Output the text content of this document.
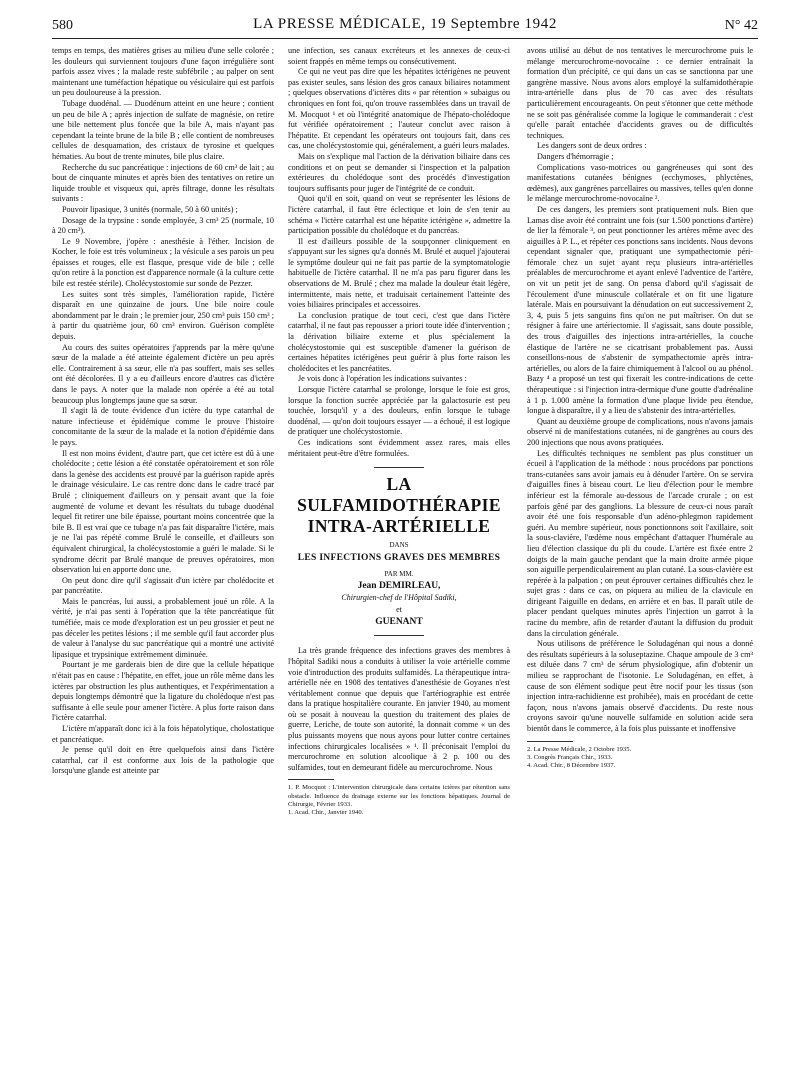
580	LA PRESSE MÉDICALE, 19 Septembre 1942	N° 42

temps en temps, des matières grises au milieu d'une selle colorée ; les douleurs qui surviennent toujours d'une façon irrégulière sont parfois assez vives ; la malade reste subfébrile ; au palper on sent maintenant une tuméfaction hépatique ou vésiculaire qui est parfois un peu douloureuse à la pression.

Tubage duodénal. — Duodénum atteint en une heure ; contient un peu de bile A ; après injection de sulfate de magnésie, on retire une bile nettement plus foncée que la bile A, mais n'ayant pas cependant la teinte brune de la bile B ; elle contient de nombreuses cellules de desquamation, des cristaux de tyrosine et quelques hématies. Au bout de trente minutes, bile plus claire.

Recherche du suc pancréatique : injections de 60 cm³ de lait ; au bout de cinquante minutes et après bien des tentatives on retire un liquide trouble et visqueux qui, après filtrage, donne les résultats suivants :

Pouvoir lipasique, 3 unités (normale, 50 à 60 unités) ;

Dosage de la trypsine : sonde employée, 3 cm³ 25 (normale, 10 à 20 cm³).

Le 9 Novembre, j'opère : anesthésie à l'éther. Incision de Kocher, le foie est très volumineux ; la vésicule a ses parois un peu épaisses et rouges, elle est flasque, presque vide de bile ; celle qu'on retire à la ponction est d'apparence normale (à la culture cette bile est restée stérile). Cholécystostomie sur sonde de Pezzer.

Les suites sont très simples, l'amélioration rapide, l'ictère disparaît en une quinzaine de jours. Une bile noire coule abondamment par le drain ; le premier jour, 250 cm³ puis 150 cm³ ; à partir du quatrième jour, 60 cm³ environ. Guérison complète depuis.

Au cours des suites opératoires j'apprends par la mère qu'une sœur de la malade a été atteinte également d'ictère un peu après elle. Contrairement à sa sœur, elle n'a pas souffert, mais ses selles ont été décolorées. Il y a eu d'ailleurs encore d'autres cas d'ictère dans le pays. A noter que la malade non opérée a été au total beaucoup plus longtemps jaune que sa sœur.

Il s'agit là de toute évidence d'un ictère du type catarrhal de nature infectieuse et épidémique comme le prouve l'histoire concomitante de la sœur de la malade et la notion d'épidémie dans le pays.

Il est non moins évident, d'autre part, que cet ictère est dû à une cholédocite ; cette lésion a été constatée opératoirement et son rôle dans la genèse des accidents est prouvé par la guérison rapide après le drainage vésiculaire. Le cas rentre donc dans le cadre tracé par Brulé ; cliniquement d'ailleurs on y pensait avant que la foie augmenté de volume et devant les résultats du tubage duodénal lequel fit retirer une bile épaisse, pourtant moins concentrée que la bile B. Il est vrai que ce tubage n'a pas fait disparaître l'ictère, mais je ne l'ai pas répété comme Brulé le conseille, et d'ailleurs son équivalent chirurgical, la cholécystostomie a guéri le malade. Si le syndrome décrit par Brulé manque de preuves opératoires, mon observation lui en apporte donc une.

On peut donc dire qu'il s'agissait d'un ictère par cholédocite et par pancréatite.

Mais le pancréas, lui aussi, a probablement joué un rôle. A la vérité, je n'ai pas senti à l'opération que la tête pancréatique fût tuméfiée, mais ce mode d'exploration est un peu grossier et peut ne pas déceler les petites lésions ; il me semble qu'il faut accorder plus de valeur à l'analyse du suc pancréatique qui a montré une activité lipasique et trypsinique extrêmement diminuée.

Pourtant je me garderais bien de dire que la cellule hépatique n'était pas en cause : l'hépatite, en effet, joue un rôle même dans les ictères par obstruction les plus authentiques, et l'expérimentation a depuis longtemps démontré que la ligature du cholédoque n'est pas suffisante à elle seule pour amener l'ictère. A plus forte raison dans l'ictère catarrhal.

L'ictère m'apparaît donc ici à la fois hépatolytique, cholostatique et pancréatique.

Je pense qu'il doit en être quelquefois ainsi dans l'ictère catarrhal, car il est conforme aux lois de la pathologie que lorsqu'une glande est atteinte par

une infection, ses canaux excréteurs et les annexes de ceux-ci soient frappés en même temps ou consécutivement.

Ce qui ne veut pas dire que les hépatites ictérigènes ne peuvent pas exister seules, sans lésion des gros canaux biliaires notamment ; quelques observations d'ictères dits « par rétention » subaigus ou chroniques en font foi, qu'on trouve rassemblées dans un travail de M. Mocquot ¹ et où l'intégrité anatomique de l'hépato-cholédoque fut vérifiée opératoirement ; l'auteur conclut avec raison à l'hépatite. Et cependant les opérateurs ont toujours fait, dans ces cas, une cholécystostomie qui, généralement, a guéri leurs malades.

Mais on s'explique mal l'action de la dérivation biliaire dans ces conditions et on peut se demander si l'inspection et la palpation extérieures du cholédoque sont des procédés d'investigation toujours suffisants pour juger de l'intégrité de ce conduit.

Quoi qu'il en soit, quand on veut se représenter les lésions de l'ictère catarrhal, il faut être éclectique et loin de s'en tenir au schéma « l'ictère catarrhal est une hépatite ictérigène », admettre la participation possible du cholédoque et du pancréas.

Il est d'ailleurs possible de la soupçonner cliniquement en s'appuyant sur les signes qu'a donnés M. Brulé et auquel j'ajouterai le symptôme douleur qui ne fait pas partie de la symptomatologie habituelle de l'ictère catarrhal. Il ne m'a pas paru figurer dans les observations de M. Brulé ; chez ma malade la douleur était légère, intermittente, mais nette, et traduisait certainement l'atteinte des voies biliaires principales et accessoires.

La conclusion pratique de tout ceci, c'est que dans l'ictère catarrhal, il ne faut pas repousser a priori toute idée d'intervention ; la dérivation biliaire externe et plus spécialement la cholécystostomie qui est susceptible d'amener la guérison de certaines hépatites ictérigènes peut guérir à plus forte raison les cholédocites et les pancréatites.

Je vois donc à l'opération les indications suivantes :

Lorsque l'ictère catarrhal se prolonge, lorsque le foie est gros, lorsque la fonction sucrée appréciée par la galactosurie est peu touchée, lorsqu'il y a des douleurs, enfin lorsque le tubage duodénal, — qu'on doit toujours essayer — a échoué, il est logique de pratiquer une cholécystostomie.

Ces indications sont évidemment assez rares, mais elles méritaient peut-être d'être formulées.

LA SULFAMIDOTHÉRAPIE
INTRA-ARTÉRIELLE
DANS
LES INFECTIONS GRAVES DES MEMBRES
PAR MM.
Jean DEMIRLEAU,
Chirurgien-chef de l'Hôpital Sadiki,
et
GUENANT

La très grande fréquence des infections graves des membres à l'hôpital Sadiki nous a conduits à utiliser la voie artérielle comme voie d'introduction des produits sulfamidés. La thérapeutique intra-artérielle née en 1908 des tentatives d'anesthésie de Goyanes n'est véritablement connue que depuis que l'artériographie est entrée dans la pratique hospitalière courante. En janvier 1940, au moment où se posait à nouveau la question du traitement des plaies de guerre, Leriche, de toute son autorité, la donnait comme « un des plus puissants moyens que nous ayons pour lutter contre certaines infections chirurgicales localisées » ¹. Il préconisait l'emploi du mercurochrome en solution alcoolique à 2 p. 100 ou des sulfamides, tout en demeurant fidèle au mercurochrome. Nous

1. P. Mocquot : L'intervention chirurgicale dans certains ictères par rétention sans obstacle. Influence du drainage externe sur les fonctions hépatiques. Journal de Chirurgie, Février 1933.

1. Acad. Chir., Janvier 1940.

avons utilisé au début de nos tentatives le mercurochrome puis le mélange mercurochrome-novocaïne : ce dernier entraînait la formation d'un précipité, ce qui dans un cas se sanctionna par une gangrène massive. Nous avons alors employé la sulfamidothérapie intra-artérielle dans plus de 70 cas avec des résultats particulièrement encourageants. On peut s'étonner que cette méthode ne se soit pas généralisée comme la logique le commanderait : c'est qu'elle paraît entachée d'accidents graves ou de difficultés techniques.

Les dangers sont de deux ordres :

Dangers d'hémorragie ;

Complications vaso-motrices ou gangréneuses qui sont des manifestations cutanées bénignes (ecchymoses, phlyctènes, œdèmes), aux gangrènes parcellaires ou massives, telles qu'en donne le mélange mercurochrome-novocaïne ².

De ces dangers, les premiers sont pratiquement nuls. Bien que Lamas dise avoir été contraint une fois (sur 1.500 ponctions d'artère) de lier la fémorale ³, on peut ponctionner les artères même avec des aiguilles à P. L., et répéter ces ponctions sans incidents. Nous devons cependant signaler que, pratiquant une sympathectomie péri-fémorale chez un sujet ayant reçu plusieurs intra-artérielles préalables de mercurochrome et ayant enlevé l'adventice de l'artère, on vit un petit jet de sang. On pensa d'abord qu'il s'agissait de l'écoulement d'une minuscule collatérale et on fit une ligature latérale. Mais en poursuivant la dénudation on eut successivement 2, 3, 4, puis 5 jets sanguins fins qu'on ne put maîtriser. On dut se résigner à faire une artériectomie. Il s'agissait, sans doute possible, des trous d'aiguilles des injections intra-artérielles, la couche élastique de l'artère ne se cicatrisant probablement pas. Aussi conseillons-nous de s'abstenir de sympathectomie après intra-artérielles, ou alors de la faire chimiquement à l'alcool ou au phénol. Bazy ⁴ a proposé un test qui fixerait les contre-indications de cette thérapeutique : si l'injection intra-dermique d'une goutte d'adrénaline à 1 p. 1.000 amène la formation d'une plaque livide peu étendue, longue à disparaître, il y a lieu de s'abstenir des intra-artérielles.

Quant au deuxième groupe de complications, nous n'avons jamais observé ni de manifestations cutanées, ni de gangrènes au cours des 200 injections que nous avons pratiquées.

Les difficultés techniques ne semblent pas plus constituer un écueil à l'application de la méthode : nous procédons par ponctions trans-cutanées sans avoir jamais eu à dénuder l'artère. On se servira d'aiguilles fines à biseau court. Le lieu d'élection pour le membre inférieur est la fémorale au-dessous de l'arcade crurale ; on est parfois gêné par des ganglions. La blessure de ceux-ci nous paraît avoir été une fois responsable d'un adéno-phlegmon rapidement guéri. Au membre supérieur, nous ponctionnons soit l'axillaire, soit la sous-clavière, l'œdème nous empêchant d'attaquer l'humérale au lieu d'élection classique du pli du coude. L'artère est fixée entre 2 doigts de la main gauche pendant que la main droite armée pique son aiguille perpendiculairement au plan cutané. La sous-clavière est repérée à la palpation ; on peut éprouver certaines difficultés chez le sujet gras : dans ce cas, on piquera au milieu de la clavicule en dirigeant l'aiguille en dedans, en arrière et en bas. Il paraît utile de placer pendant quelques minutes après l'injection un garrot à la racine du membre, afin de retarder d'autant la diffusion du produit dans la circulation générale.

Nous utilisons de préférence le Soludagénan qui nous a donné des résultats supérieurs à la soluseptazine. Chaque ampoule de 3 cm³ est diluée dans 7 cm³ de sérum physiologique, afin d'obtenir un milieu se rapprochant de l'isotonie. Le Soludagénan, en effet, à cause de son élément sodique peut être nocif pour les tissus (son injection intra-rachidienne est prohibée), mais en procédant de cette façon, nous n'avons jamais observé d'accidents. Du reste nous croyons savoir qu'une nouvelle sulfamide en solution acide sera bientôt dans le commerce, à la fois plus puissante et inoffensive

2. La Presse Médicale, 2 Octobre 1935.

3. Congrès Français Chir., 1933.

4. Acad. Chir., 8 Décembre 1937.
